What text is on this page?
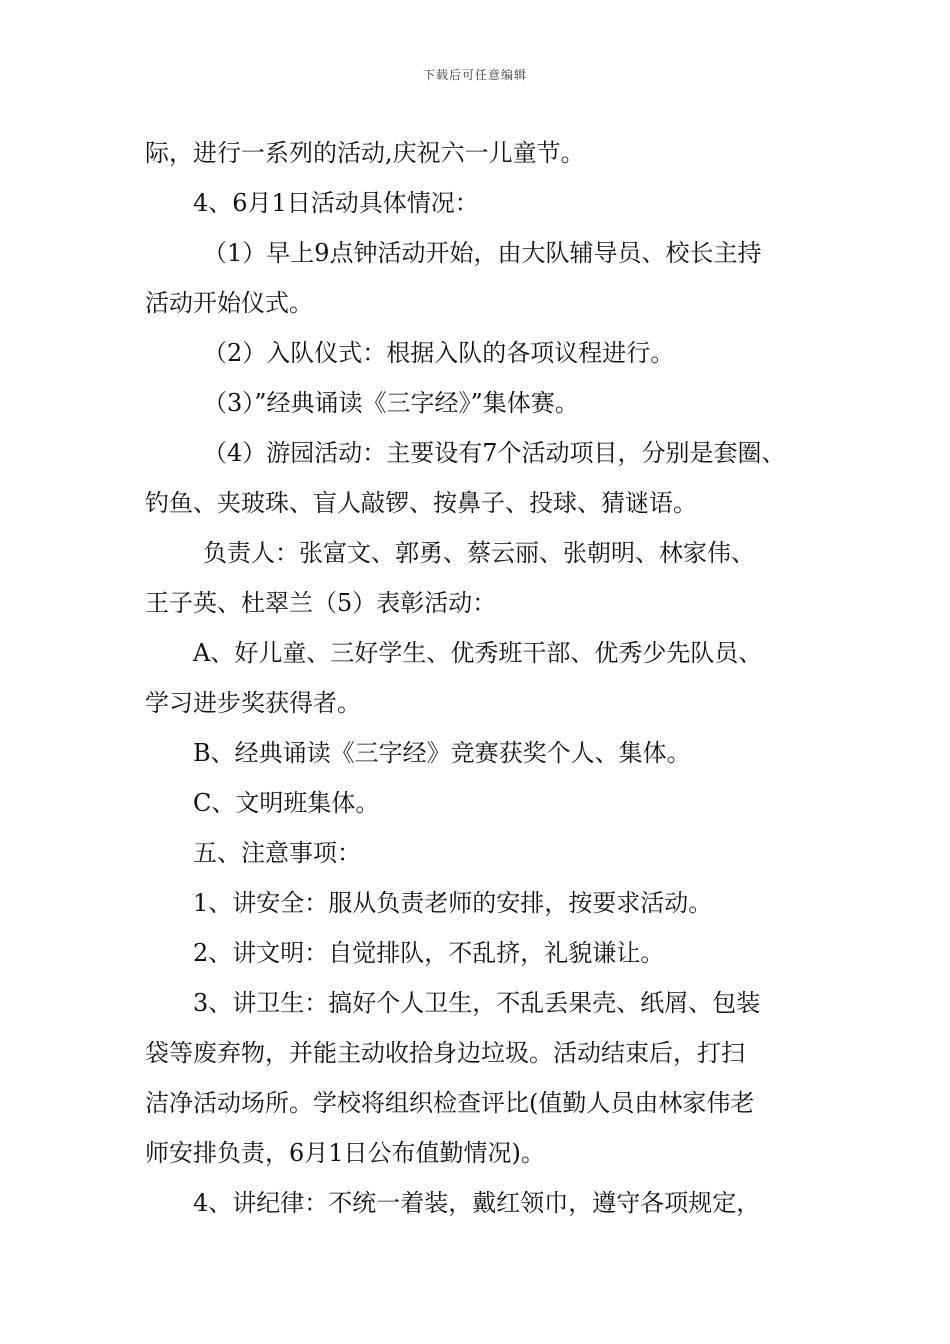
下载后可任意编辑
际，进行一系列的活动,庆祝六一儿童节。
4、6月1日活动具体情况：
（1）早上9点钟活动开始，由大队辅导员、校长主持
活动开始仪式。
（2）入队仪式：根据入队的各项议程进行。
（3）”经典诵读《三字经》”集体赛。
（4）游园活动：主要设有7个活动项目，分别是套圈、
钓鱼、夹玻珠、盲人敲锣、按鼻子、投球、猜谜语。
负责人：张富文、郭勇、蔡云丽、张朝明、林家伟、
王子英、杜翠兰（5）表彰活动：
A、好儿童、三好学生、优秀班干部、优秀少先队员、
学习进步奖获得者。
B、经典诵读《三字经》竞赛获奖个人、集体。
C、文明班集体。
五、注意事项：
1、讲安全：服从负责老师的安排，按要求活动。
2、讲文明：自觉排队，不乱挤，礼貌谦让。
3、讲卫生：搞好个人卫生，不乱丢果壳、纸屑、包装
袋等废弃物，并能主动收拾身边垃圾。活动结束后，打扫
洁净活动场所。学校将组织检查评比(值勤人员由林家伟老
师安排负责，6月1日公布值勤情况)。
4、讲纪律：不统一着装，戴红领巾，遵守各项规定，
